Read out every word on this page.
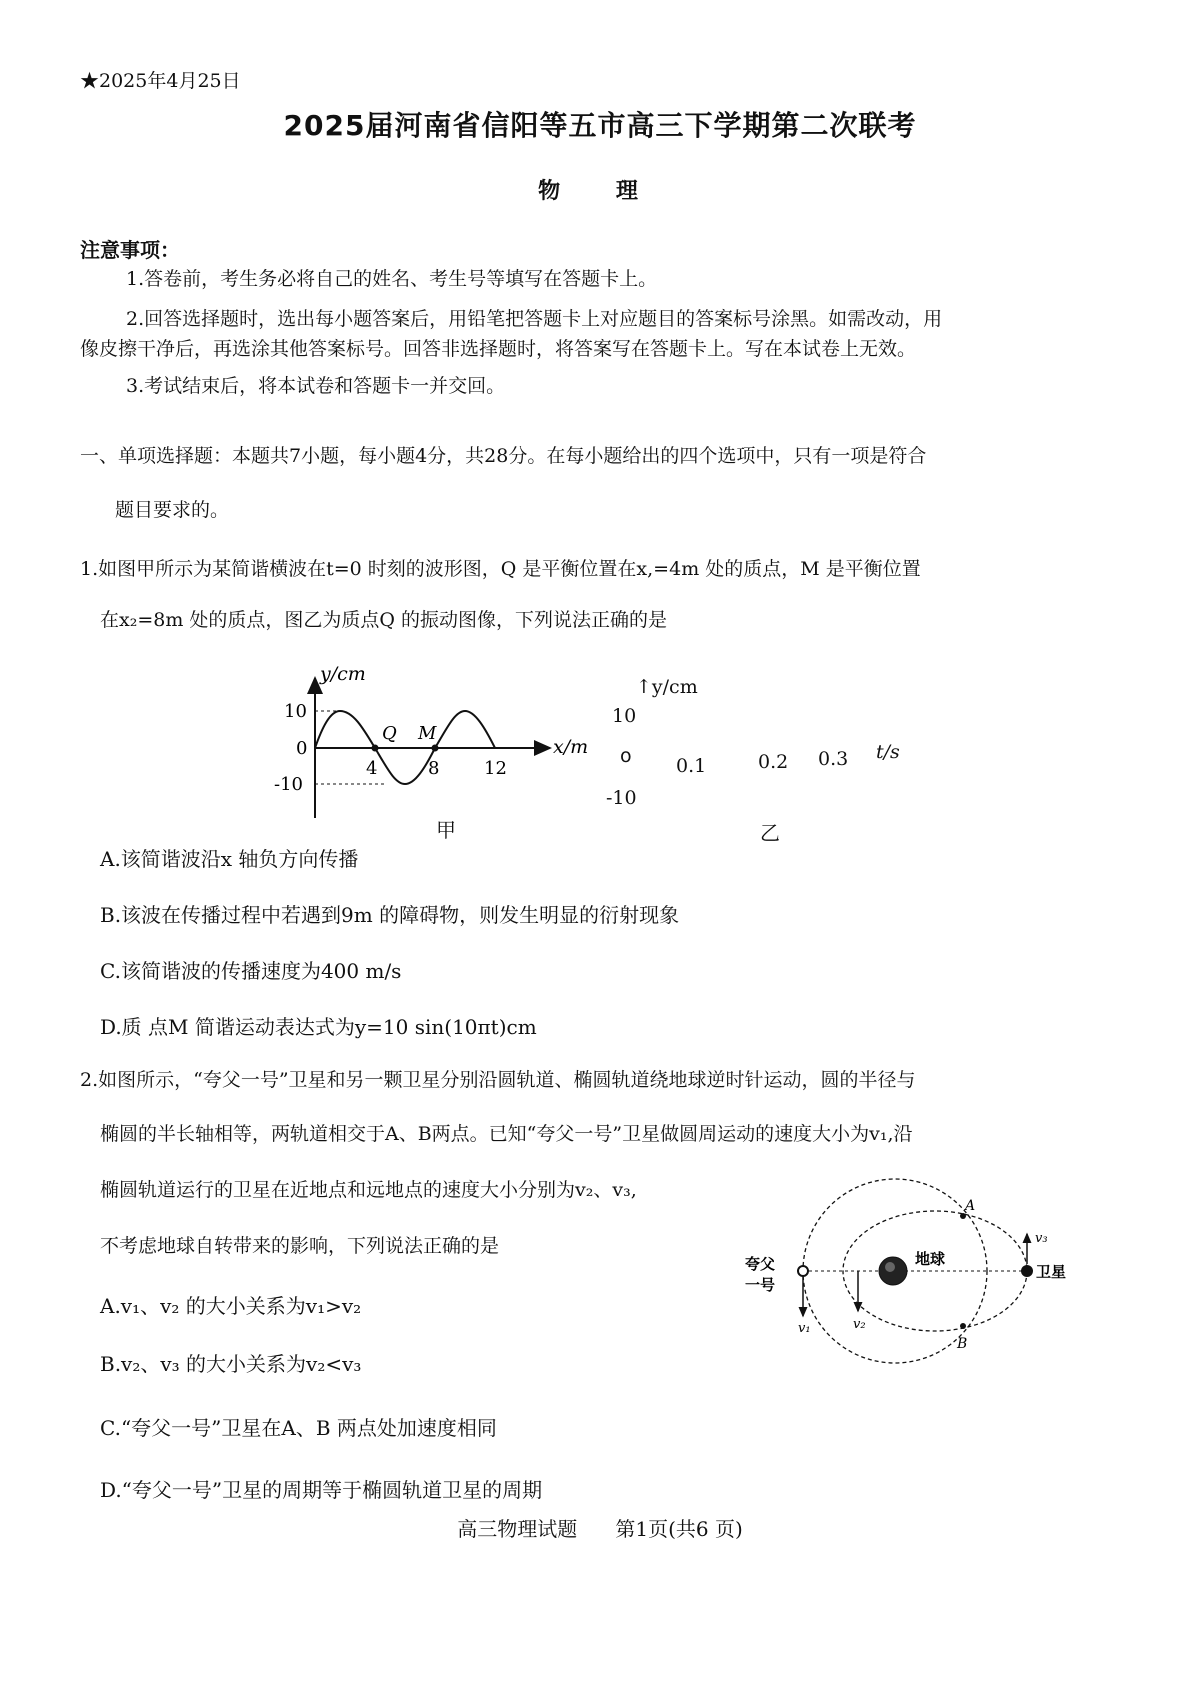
★2025年4月25日
2025届河南省信阳等五市高三下学期第二次联考
物 理
注意事项：
1.答卷前，考生务必将自己的姓名、考生号等填写在答题卡上。
2.回答选择题时，选出每小题答案后，用铅笔把答题卡上对应题目的答案标号涂黑。如需改动，用
像皮擦干净后，再选涂其他答案标号。回答非选择题时，将答案写在答题卡上。写在本试卷上无效。
3.考试结束后，将本试卷和答题卡一并交回。
一、单项选择题：本题共7小题，每小题4分，共28分。在每小题给出的四个选项中，只有一项是符合
题目要求的。
1.如图甲所示为某简谐横波在t=0 时刻的波形图，Q 是平衡位置在x,=4m 处的质点，M 是平衡位置
在x₂=8m 处的质点，图乙为质点Q 的振动图像，下列说法正确的是
y/cm
x/m
10
0
-10
4	8 12
Q M
甲
↑y/cm
10
o 0.1	0.2 0.3 t/s
-10
乙
A.该简谐波沿x 轴负方向传播
B.该波在传播过程中若遇到9m 的障碍物，则发生明显的衍射现象
C.该简谐波的传播速度为400 m/s
D.质 点M 简谐运动表达式为y=10 sin(10πt)cm
2.如图所示，“夸父一号”卫星和另一颗卫星分别沿圆轨道、椭圆轨道绕地球逆时针运动，圆的半径与
椭圆的半长轴相等，两轨道相交于A、B两点。已知“夸父一号”卫星做圆周运动的速度大小为v₁,沿
椭圆轨道运行的卫星在近地点和远地点的速度大小分别为v₂、v₃,
不考虑地球自转带来的影响，下列说法正确的是
夸父
一号
地球
卫星
A
B
v₁	v₂
v₃
A.v₁、v₂ 的大小关系为v₁>v₂
B.v₂、v₃ 的大小关系为v₂<v₃
C.“夸父一号”卫星在A、B 两点处加速度相同
D.“夸父一号”卫星的周期等于椭圆轨道卫星的周期
高三物理试题      第1页(共6 页)
